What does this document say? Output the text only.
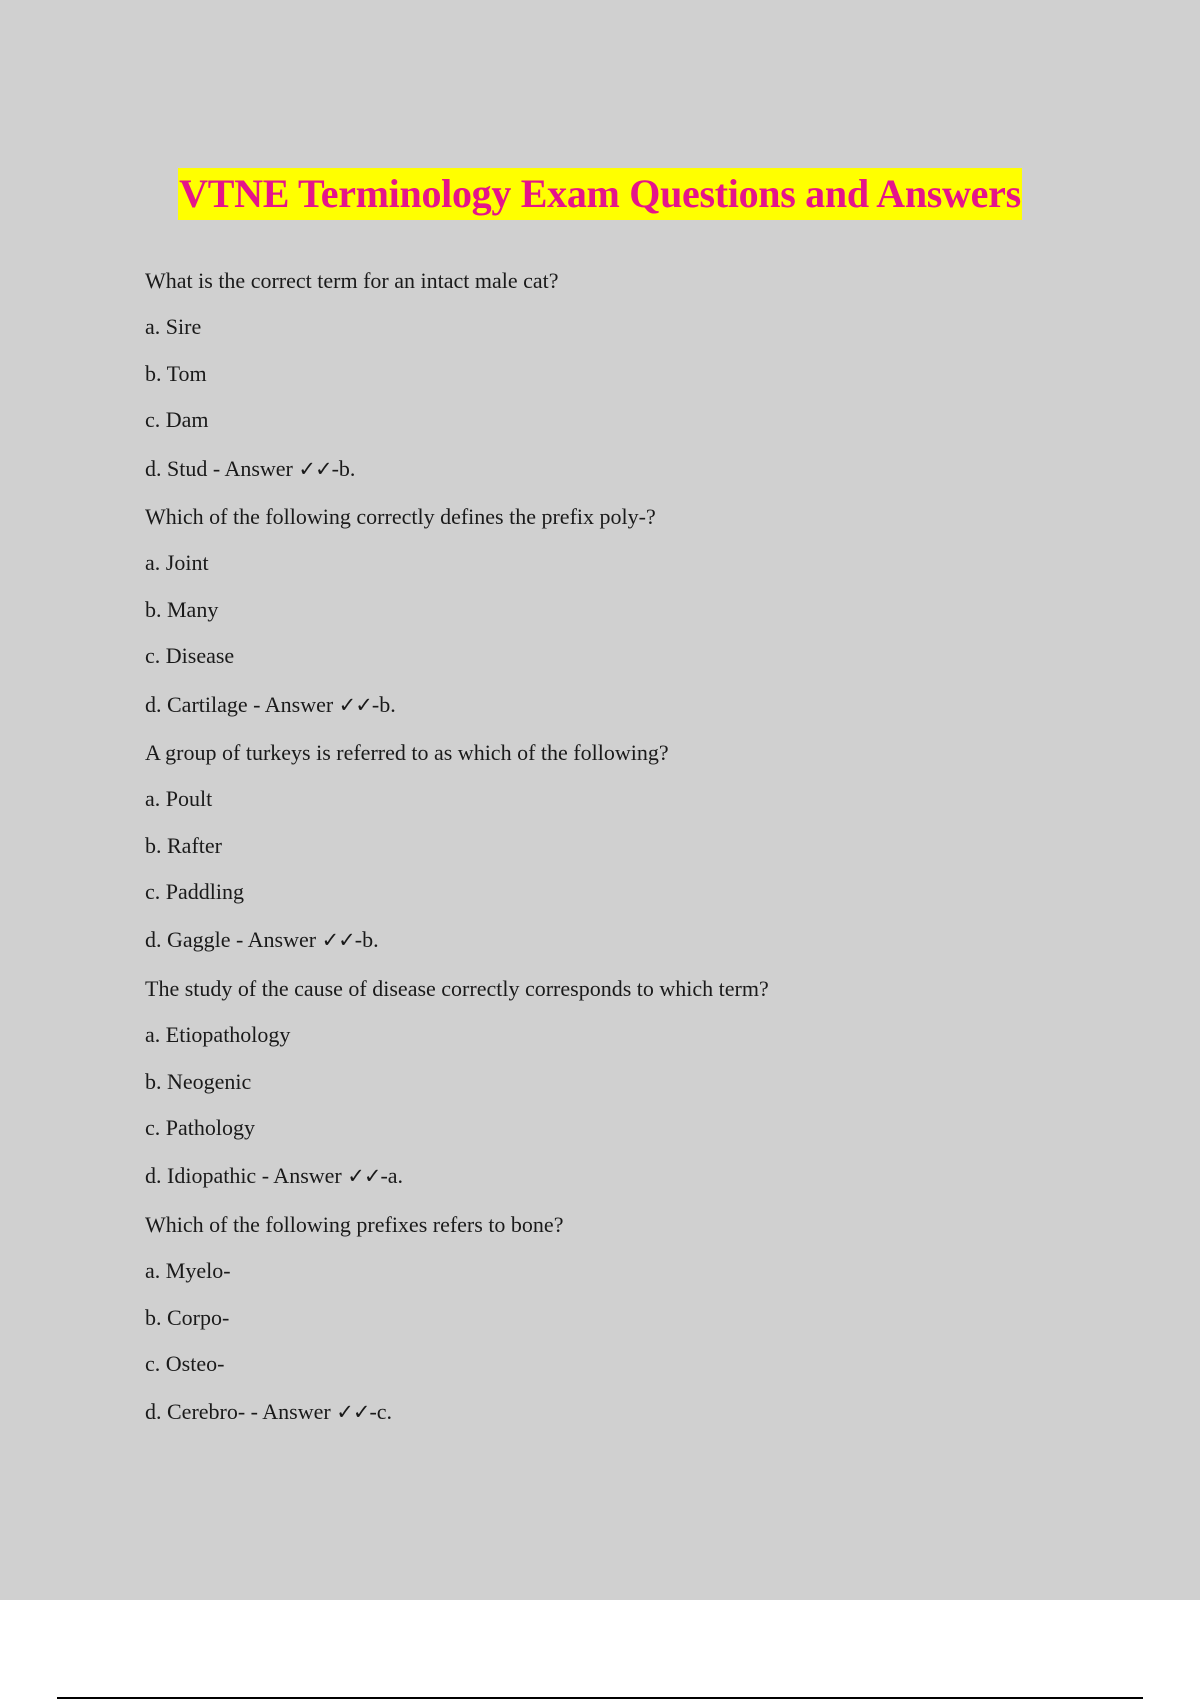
VTNE Terminology Exam Questions and Answers
What is the correct term for an intact male cat?
a. Sire
b. Tom
c. Dam
d. Stud - Answer ✓✓-b.
Which of the following correctly defines the prefix poly-?
a. Joint
b. Many
c. Disease
d. Cartilage - Answer ✓✓-b.
A group of turkeys is referred to as which of the following?
a. Poult
b. Rafter
c. Paddling
d. Gaggle - Answer ✓✓-b.
The study of the cause of disease correctly corresponds to which term?
a. Etiopathology
b. Neogenic
c. Pathology
d. Idiopathic - Answer ✓✓-a.
Which of the following prefixes refers to bone?
a. Myelo-
b. Corpo-
c. Osteo-
d. Cerebro- - Answer ✓✓-c.
